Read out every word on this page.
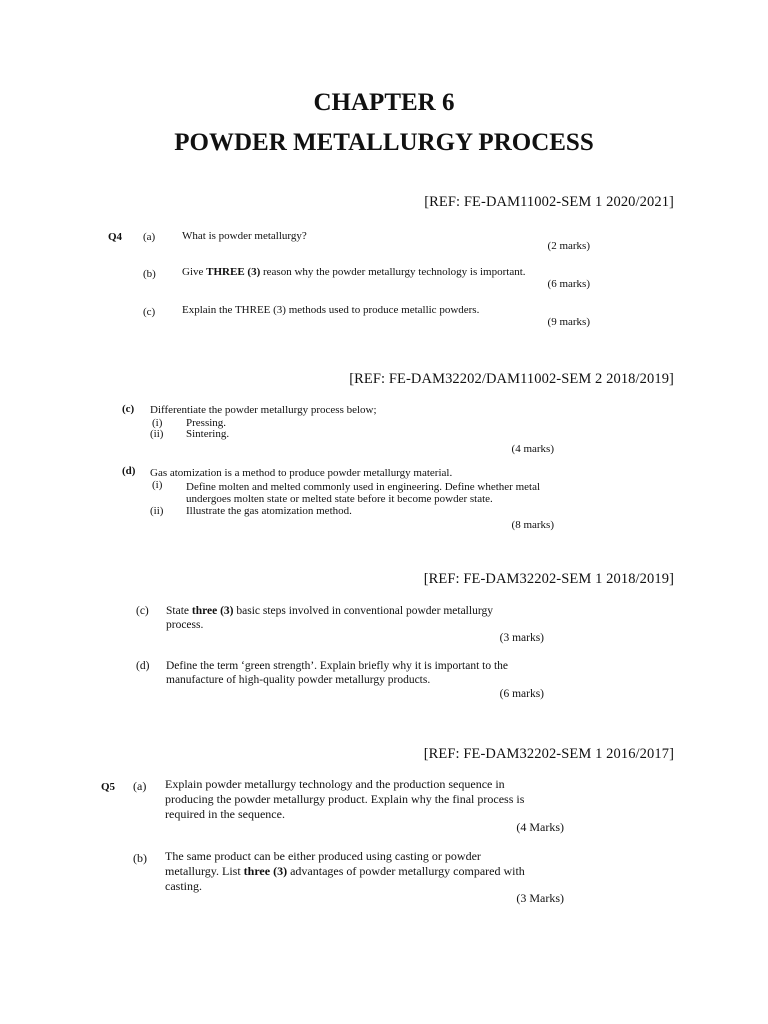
CHAPTER 6
POWDER METALLURGY PROCESS
[REF: FE-DAM11002-SEM 1 2020/2021]
Q4 (a) What is powder metallurgy?
(2 marks)
(b) Give THREE (3) reason why the powder metallurgy technology is important.
(6 marks)
(c) Explain the THREE (3) methods used to produce metallic powders.
(9 marks)
[REF: FE-DAM32202/DAM11002-SEM 2 2018/2019]
(c) Differentiate the powder metallurgy process below;
(i) Pressing.
(ii) Sintering.
(4 marks)
(d) Gas atomization is a method to produce powder metallurgy material.
(i) Define molten and melted commonly used in engineering. Define whether metal
undergoes molten state or melted state before it become powder state.
(ii) Illustrate the gas atomization method.
(8 marks)
[REF: FE-DAM32202-SEM 1 2018/2019]
(c) State three (3) basic steps involved in conventional powder metallurgy
process.
(3 marks)
(d) Define the term ‘green strength’. Explain briefly why it is important to the
manufacture of high-quality powder metallurgy products.
(6 marks)
[REF: FE-DAM32202-SEM 1 2016/2017]
Q5 (a) Explain powder metallurgy technology and the production sequence in
producing the powder metallurgy product. Explain why the final process is
required in the sequence.
(4 Marks)
(b) The same product can be either produced using casting or powder
metallurgy. List three (3) advantages of powder metallurgy compared with
casting.
(3 Marks)
